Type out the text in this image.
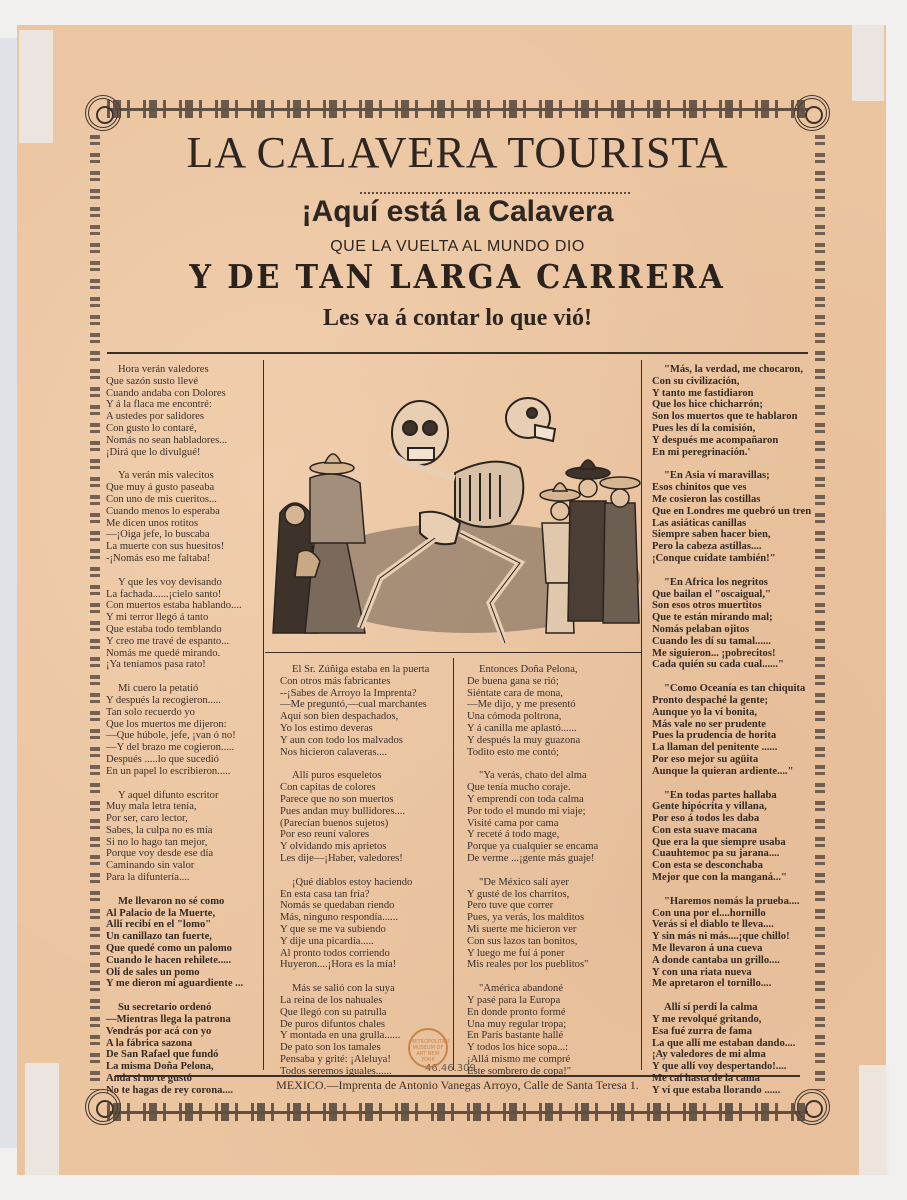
LA CALAVERA TOURISTA
¡Aquí está la Calavera
QUE LA VUELTA AL MUNDO DIO
Y DE TAN LARGA CARRERA
Les va á contar lo que vió!
46.46.309
MEXICO.—Imprenta de Antonio Vanegas Arroyo, Calle de Santa Teresa 1.
Hora verán valedores
Que sazón susto llevé
Cuando andaba con Dolores
Y á la flaca me encontré:
A ustedes por salidores
Con gusto lo contaré,
Nomás no sean habladores...
¡Dirá que lo divulgué!
Ya verán mis valecitos
Que muy á gusto paseaba
Con uno de mis cueritos...
Cuando menos lo esperaba
Me dicen unos rotitos
—¡Oiga jefe, lo buscaba
La muerte con sus huesitos!
-¡Nomás eso me faltaba!
Y que les voy devisando
La fachada......¡cielo santo!
Con muertos estaba hablando....
Y mi terror llegó á tanto
Que estaba todo temblando
Y creo me travé de espanto...
Nomás me quedé mirando.
¡Ya teníamos pasa rato!
Mi cuero la petatió
Y después la recogieron.....
Tan solo recuerdo yo
Que los muertos me dijeron:
—Que húbole, jefe, ¡van ó no!
—Y del brazo me cogieron.....
Después .....lo que sucedió
En un papel lo escribieron.....
Y aquel difunto escritor
Muy mala letra tenía,
Por ser, caro lector,
Sabes, la culpa no es mía
Si no lo hago tan mejor,
Porque voy desde ese día
Caminando sin valor
Para la difuntería....
Me llevaron no sé como
Al Palacio de la Muerte,
Allí recibí en el "lomo"
Un canillazo tan fuerte,
Que quedé como un palomo
Cuando le hacen rehilete.....
Olí de sales un pomo
Y me dieron mi aguardiente ...
Su secretario ordenó
—Mientras llega la patrona
Vendrás por acá con yo
A la fábrica sazona
De San Rafael que fundó
La misma Doña Pelona,
Anda si no te gustó
No te hagas de rey corona....
El Sr. Zúñiga estaba en la puerta
Con otros más fabricantes
--¡Sabes de Arroyo la Imprenta?
—Me preguntó,—cual marchantes
Aquí son bien despachados,
Yo los estimo deveras
Y aun con todo los malvados
Nos hicieron calaveras....
Allí puros esqueletos
Con capitas de colores
Parece que no son muertos
Pues andan muy bullidores....
(Parecían buenos sujetos)
Por eso reuní valores
Y olvidando mis aprietos
Les dije—¡Haber, valedores!
¡Qué diablos estoy haciendo
En esta casa tan fría?
Nomás se quedaban riendo
Más, ninguno respondía......
Y que se me va subiendo
Y dije una picardía.....
Al pronto todos corriendo
Huyeron....¡Hora es la mía!
Más se salió con la suya
La reina de los nahuales
Que llegó con su patrulla
De puros difuntos chales
Y montada en una grulla......
De pato son los tamales
Pensaba y grité: ¡Aleluya!
Todos seremos iguales......
Entonces Doña Pelona,
De buena gana se rió;
Siéntate cara de mona,
—Me dijo, y me presentó
Una cómoda poltrona,
Y á canilla me aplastó......
Y después la muy guazona
Todito esto me contó;
"Ya verás, chato del alma
Que tenía mucho coraje.
Y emprendí con toda calma
Por todo el mundo mi viaje;
Visité cama por cama
Y receté á todo mage,
Porque ya cualquier se encama
De verme ...¡gente más guaje!
"De México salí ayer
Y gusté de los charritos,
Pero tuve que correr
Pues, ya verás, los malditos
Mi suerte me hicieron ver
Con sus lazos tan bonitos,
Y luego me fuí á poner
Mis reales por los pueblitos"
"América abandoné
Y pasé para la Europa
En donde pronto formé
Una muy regular tropa;
En París bastante hallé
Y todos los hice sopa...:
¡Allá mismo me compré
Este sombrero de copa!"
"Más, la verdad, me chocaron,
Con su civilización,
Y tanto me fastidiaron
Que los hice chicharrón;
Son los muertos que te hablaron
Pues les dí la comisión,
Y después me acompañaron
En mi peregrinación.'
"En Asia ví maravillas;
Esos chinitos que ves
Me cosieron las costillas
Que en Londres me quebró un tren
Las asiáticas canillas
Siempre saben hacer bien,
Pero la cabeza astillas....
¡Conque cuídate también!"
"En Africa los negritos
Que bailan el "oscaigual,"
Son esos otros muertitos
Que te están mirando mal;
Nomás pelaban ojitos
Cuando les dí su tamal......
Me siguieron... ¡pobrecitos!
Cada quién su cada cual......"
"Como Oceanía es tan chiquita
Pronto despaché la gente;
Aunque yo la ví bonita,
Más vale no ser prudente
Pues la prudencia de horita
La llaman del penitente ......
Por eso mejor su agüita
Aunque la quieran ardiente...."
"En todas partes hallaba
Gente hipócrita y villana,
Por eso á todos les daba
Con esta suave macana
Que era la que siempre usaba
Cuauhtemoc pa su jarana....
Con esta se desconchaba
Mejor que con la manganá..."
"Haremos nomás la prueba....
Con una por el....hornillo
Verás si el diablo te lleva....
Y sin más ni más....¡que chillo!
Me llevaron á una cueva
A donde cantaba un grillo....
Y con una riata nueva
Me apretaron el tornillo....
Allí sí perdí la calma
Y me revolqué gritando,
Esa fué zurra de fama
La que allí me estaban dando....
¡Ay valedores de mi alma
Y que allí voy despertando!....
Me caí hasta de la cama
Y ví que estaba llorando ......
METROPOLITAN MUSEUM OF ART NEW YORK
